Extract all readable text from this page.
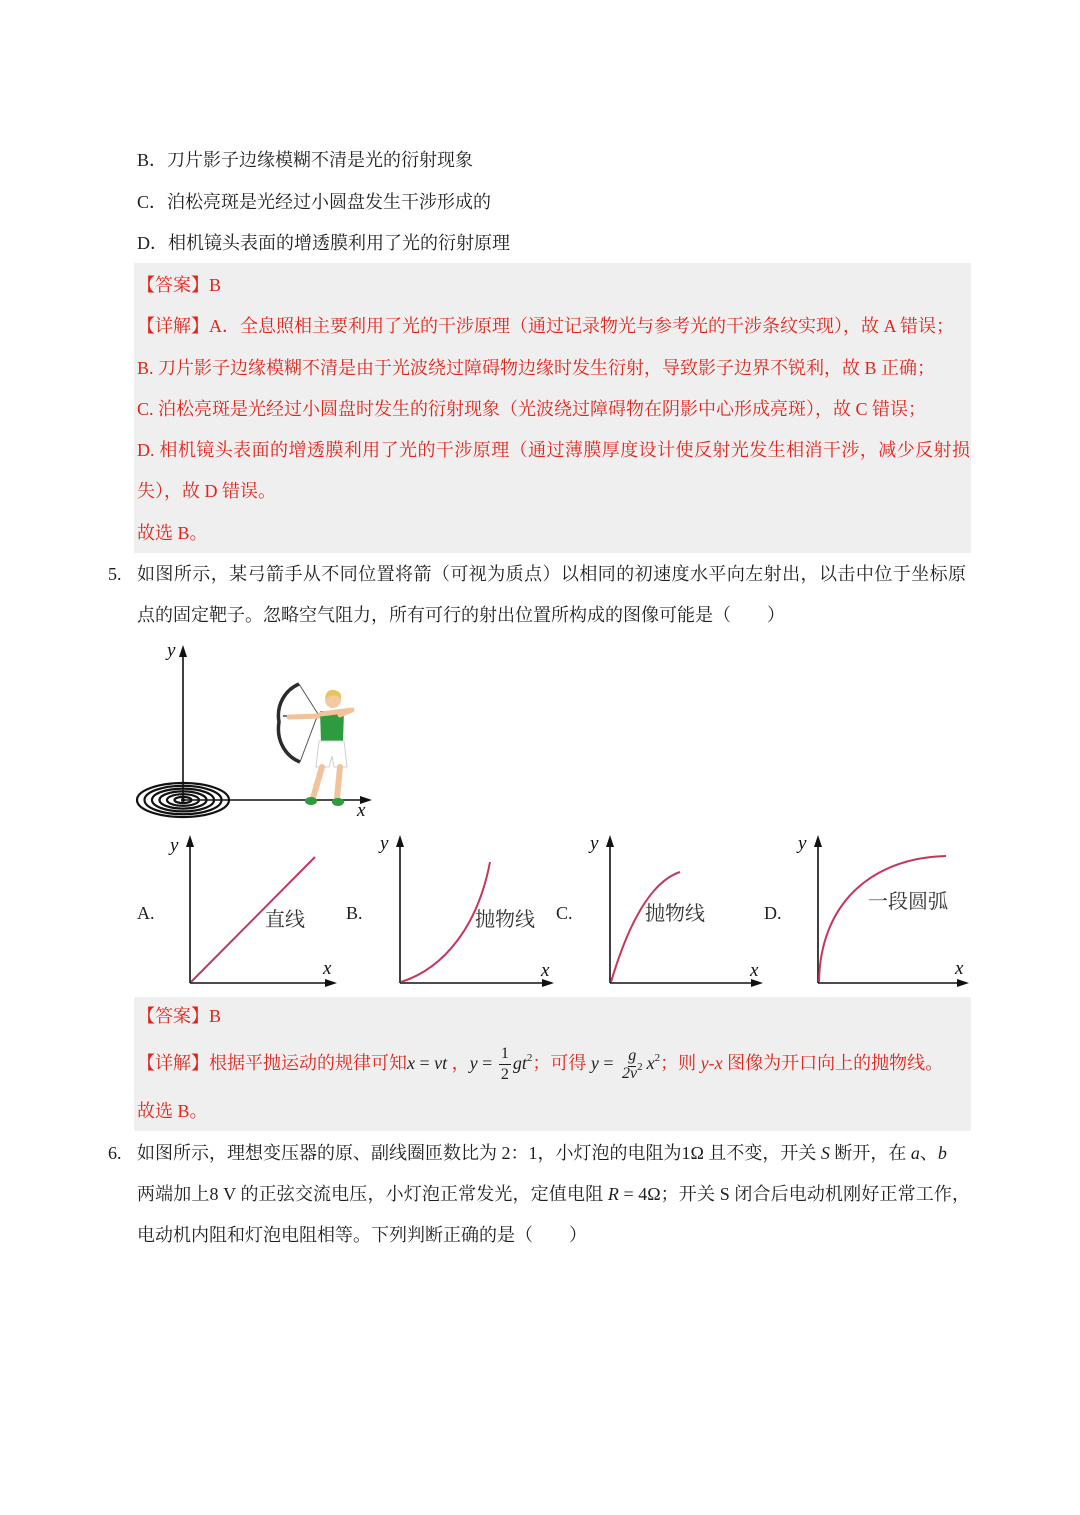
B．刀片影子边缘模糊不清是光的衍射现象
C．泊松亮斑是光经过小圆盘发生干涉形成的
D．相机镜头表面的增透膜利用了光的衍射原理
【答案】B
【详解】A．全息照相主要利用了光的干涉原理（通过记录物光与参考光的干涉条纹实现），故 A 错误；
B. 刀片影子边缘模糊不清是由于光波绕过障碍物边缘时发生衍射，导致影子边界不锐利，故 B 正确；
C. 泊松亮斑是光经过小圆盘时发生的衍射现象（光波绕过障碍物在阴影中心形成亮斑），故 C 错误；
D. 相机镜头表面的增透膜利用了光的干涉原理（通过薄膜厚度设计使反射光发生相消干涉，减少反射损
失），故 D 错误。
故选 B。
5. 如图所示，某弓箭手从不同位置将箭（可视为质点）以相同的初速度水平向左射出，以击中位于坐标原
点的固定靶子。忽略空气阻力，所有可行的射出位置所构成的图像可能是（　　）
y
x
A.
y
x
直线 B.
y
x
抛物线 C.
y
x
抛物线	D.
y
x
一段圆弧
【答案】B
【详解】根据平抛运动的规律可知x = vt ，$y = \frac{1}{2} gt^2$；可得 $y = \frac{g}{2v^2} x^2$；则 y-x 图像为开口向上的抛物线。
故选 B。
6. 如图所示，理想变压器的原、副线圈匝数比为 2：1，小灯泡的电阻为1Ω 且不变，开关 S 断开，在 a、b
两端加上8 V 的正弦交流电压，小灯泡正常发光，定值电阻 R = 4Ω；开关 S 闭合后电动机刚好正常工作，
电动机内阻和灯泡电阻相等。下列判断正确的是（　　）
